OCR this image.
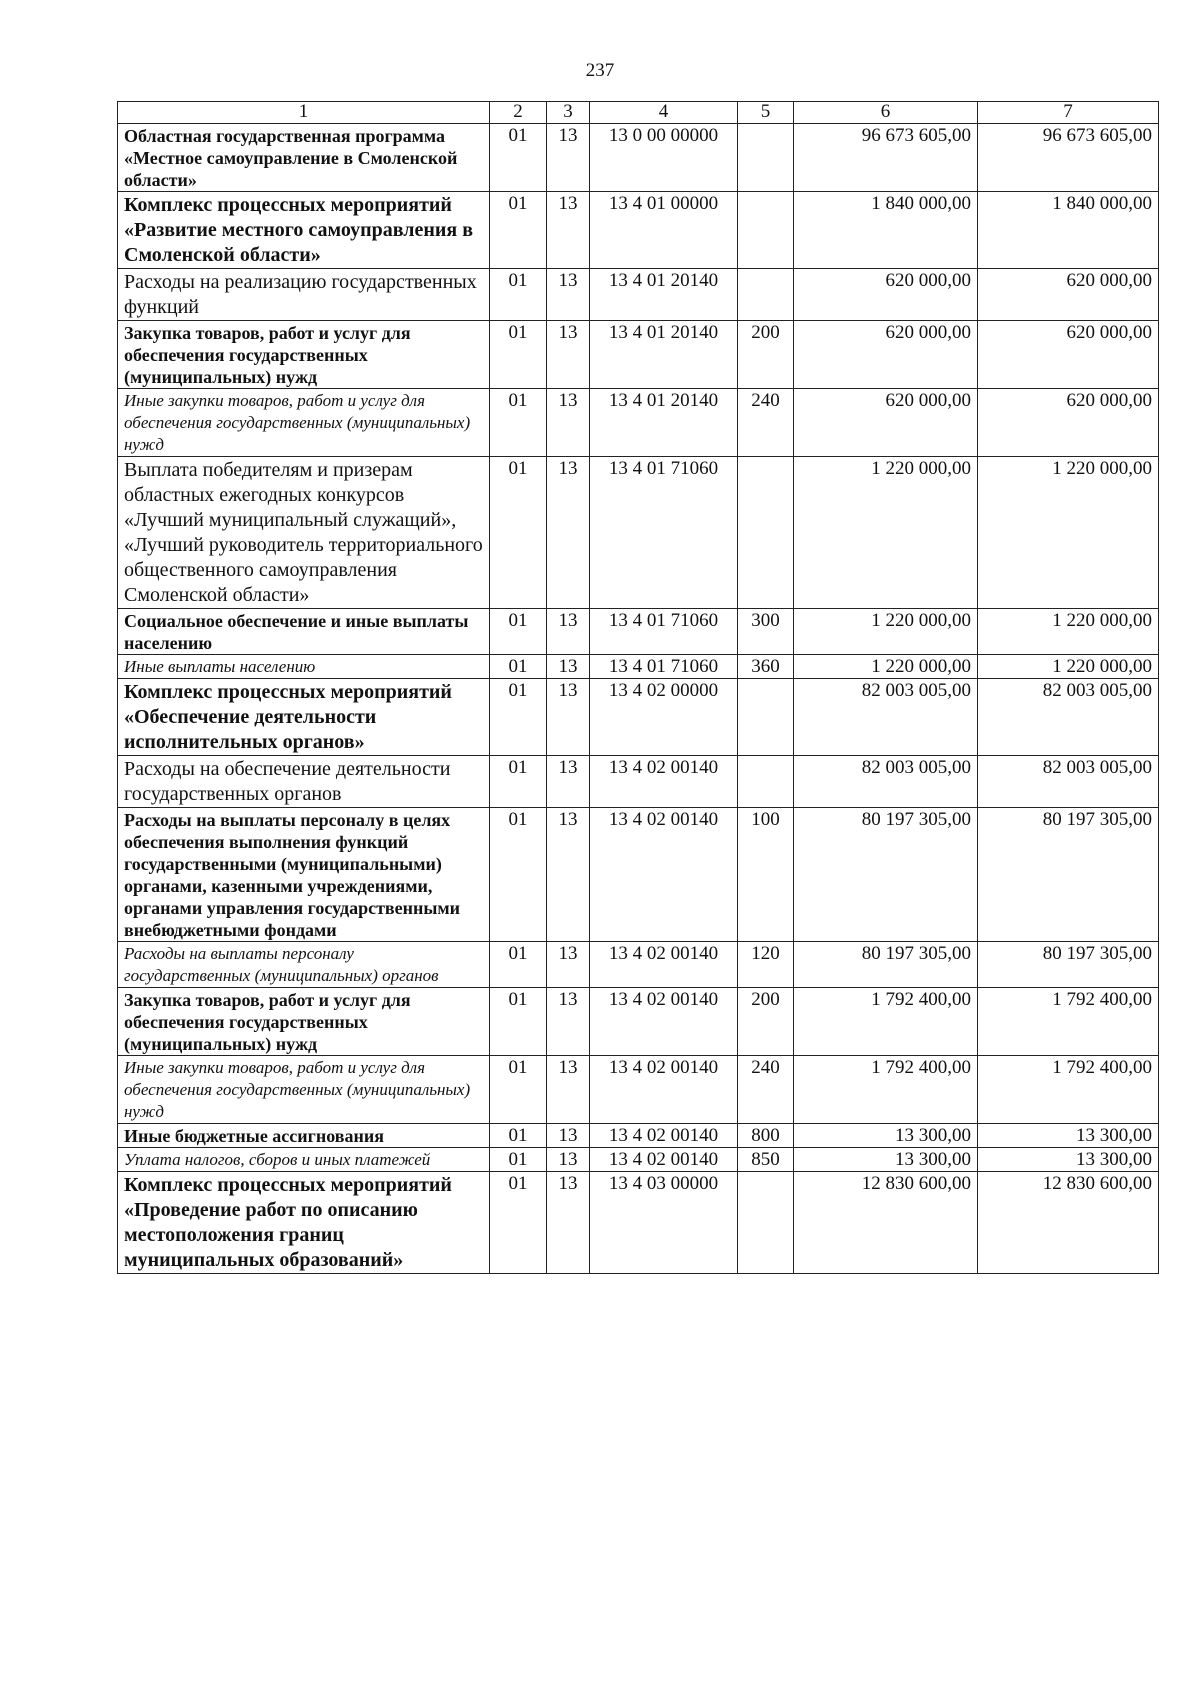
237
1	2	3	4	5	6	7
Областная государственная программа «Местное самоуправление в Смоленской области»	01	13	13 0 00 00000		96 673 605,00	96 673 605,00
Комплекс процессных мероприятий «Развитие местного самоуправления в Смоленской области»	01	13	13 4 01 00000		1 840 000,00	1 840 000,00
Расходы на реализацию государственных функций	01	13	13 4 01 20140		620 000,00	620 000,00
Закупка товаров, работ и услуг для обеспечения государственных (муниципальных) нужд	01	13	13 4 01 20140	200	620 000,00	620 000,00
Иные закупки товаров, работ и услуг для обеспечения государственных (муниципальных) нужд	01	13	13 4 01 20140	240	620 000,00	620 000,00
Выплата победителям и призерам областных ежегодных конкурсов «Лучший муниципальный служащий», «Лучший руководитель территориального общественного самоуправления Смоленской области»	01	13	13 4 01 71060		1 220 000,00	1 220 000,00
Социальное обеспечение и иные выплаты населению	01	13	13 4 01 71060	300	1 220 000,00	1 220 000,00
Иные выплаты населению	01	13	13 4 01 71060	360	1 220 000,00	1 220 000,00
Комплекс процессных мероприятий «Обеспечение деятельности исполнительных органов»	01	13	13 4 02 00000		82 003 005,00	82 003 005,00
Расходы на обеспечение деятельности государственных органов	01	13	13 4 02 00140		82 003 005,00	82 003 005,00
Расходы на выплаты персоналу в целях обеспечения выполнения функций государственными (муниципальными) органами, казенными учреждениями, органами управления государственными внебюджетными фондами	01	13	13 4 02 00140	100	80 197 305,00	80 197 305,00
Расходы на выплаты персоналу государственных (муниципальных) органов	01	13	13 4 02 00140	120	80 197 305,00	80 197 305,00
Закупка товаров, работ и услуг для обеспечения государственных (муниципальных) нужд	01	13	13 4 02 00140	200	1 792 400,00	1 792 400,00
Иные закупки товаров, работ и услуг для обеспечения государственных (муниципальных) нужд	01	13	13 4 02 00140	240	1 792 400,00	1 792 400,00
Иные бюджетные ассигнования	01	13	13 4 02 00140	800	13 300,00	13 300,00
Уплата налогов, сборов и иных платежей	01	13	13 4 02 00140	850	13 300,00	13 300,00
Комплекс процессных мероприятий «Проведение работ по описанию местоположения границ муниципальных образований»	01	13	13 4 03 00000		12 830 600,00	12 830 600,00
